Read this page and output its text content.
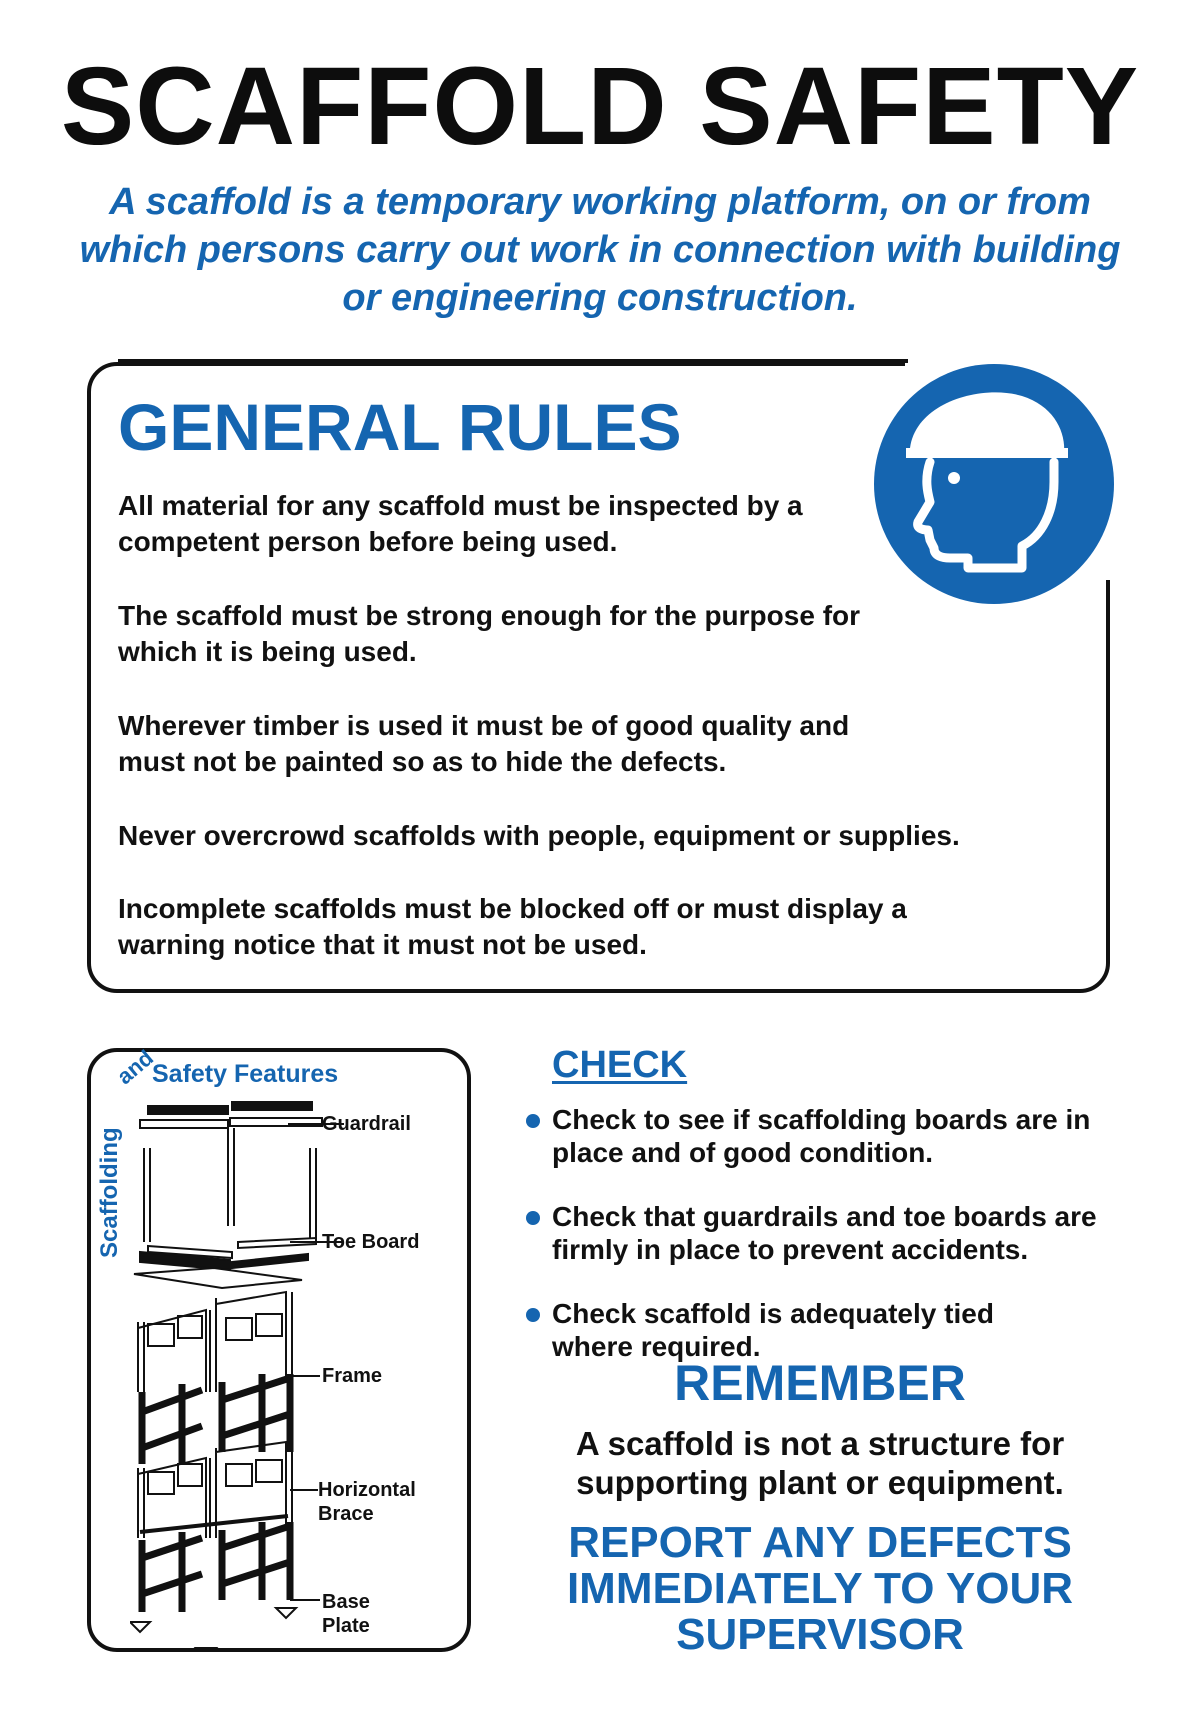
SCAFFOLD SAFETY
A scaffold is a temporary working platform, on or from which persons carry out work in connection with building or engineering construction.
GENERAL RULES
All material for any scaffold must be inspected by a competent person before being used.
The scaffold must be strong enough for the purpose for which it is being used.
Wherever timber is used it must be of good quality and must not be painted so as to hide the defects.
Never overcrowd scaffolds with people, equipment or supplies.
Incomplete scaffolds must be blocked off or must display a warning notice that it must not be used.
Scaffolding
and
Safety Features
Guardrail
Toe Board
Frame
Horizontal
Brace
Base
Plate
CHECK
Check to see if scaffolding boards are in place and of good condition.
Check that guardrails and toe boards are firmly in place to prevent accidents.
Check scaffold is adequately tied where required.
REMEMBER
A scaffold is not a structure for supporting plant or equipment.
REPORT ANY DEFECTS IMMEDIATELY TO YOUR SUPERVISOR
